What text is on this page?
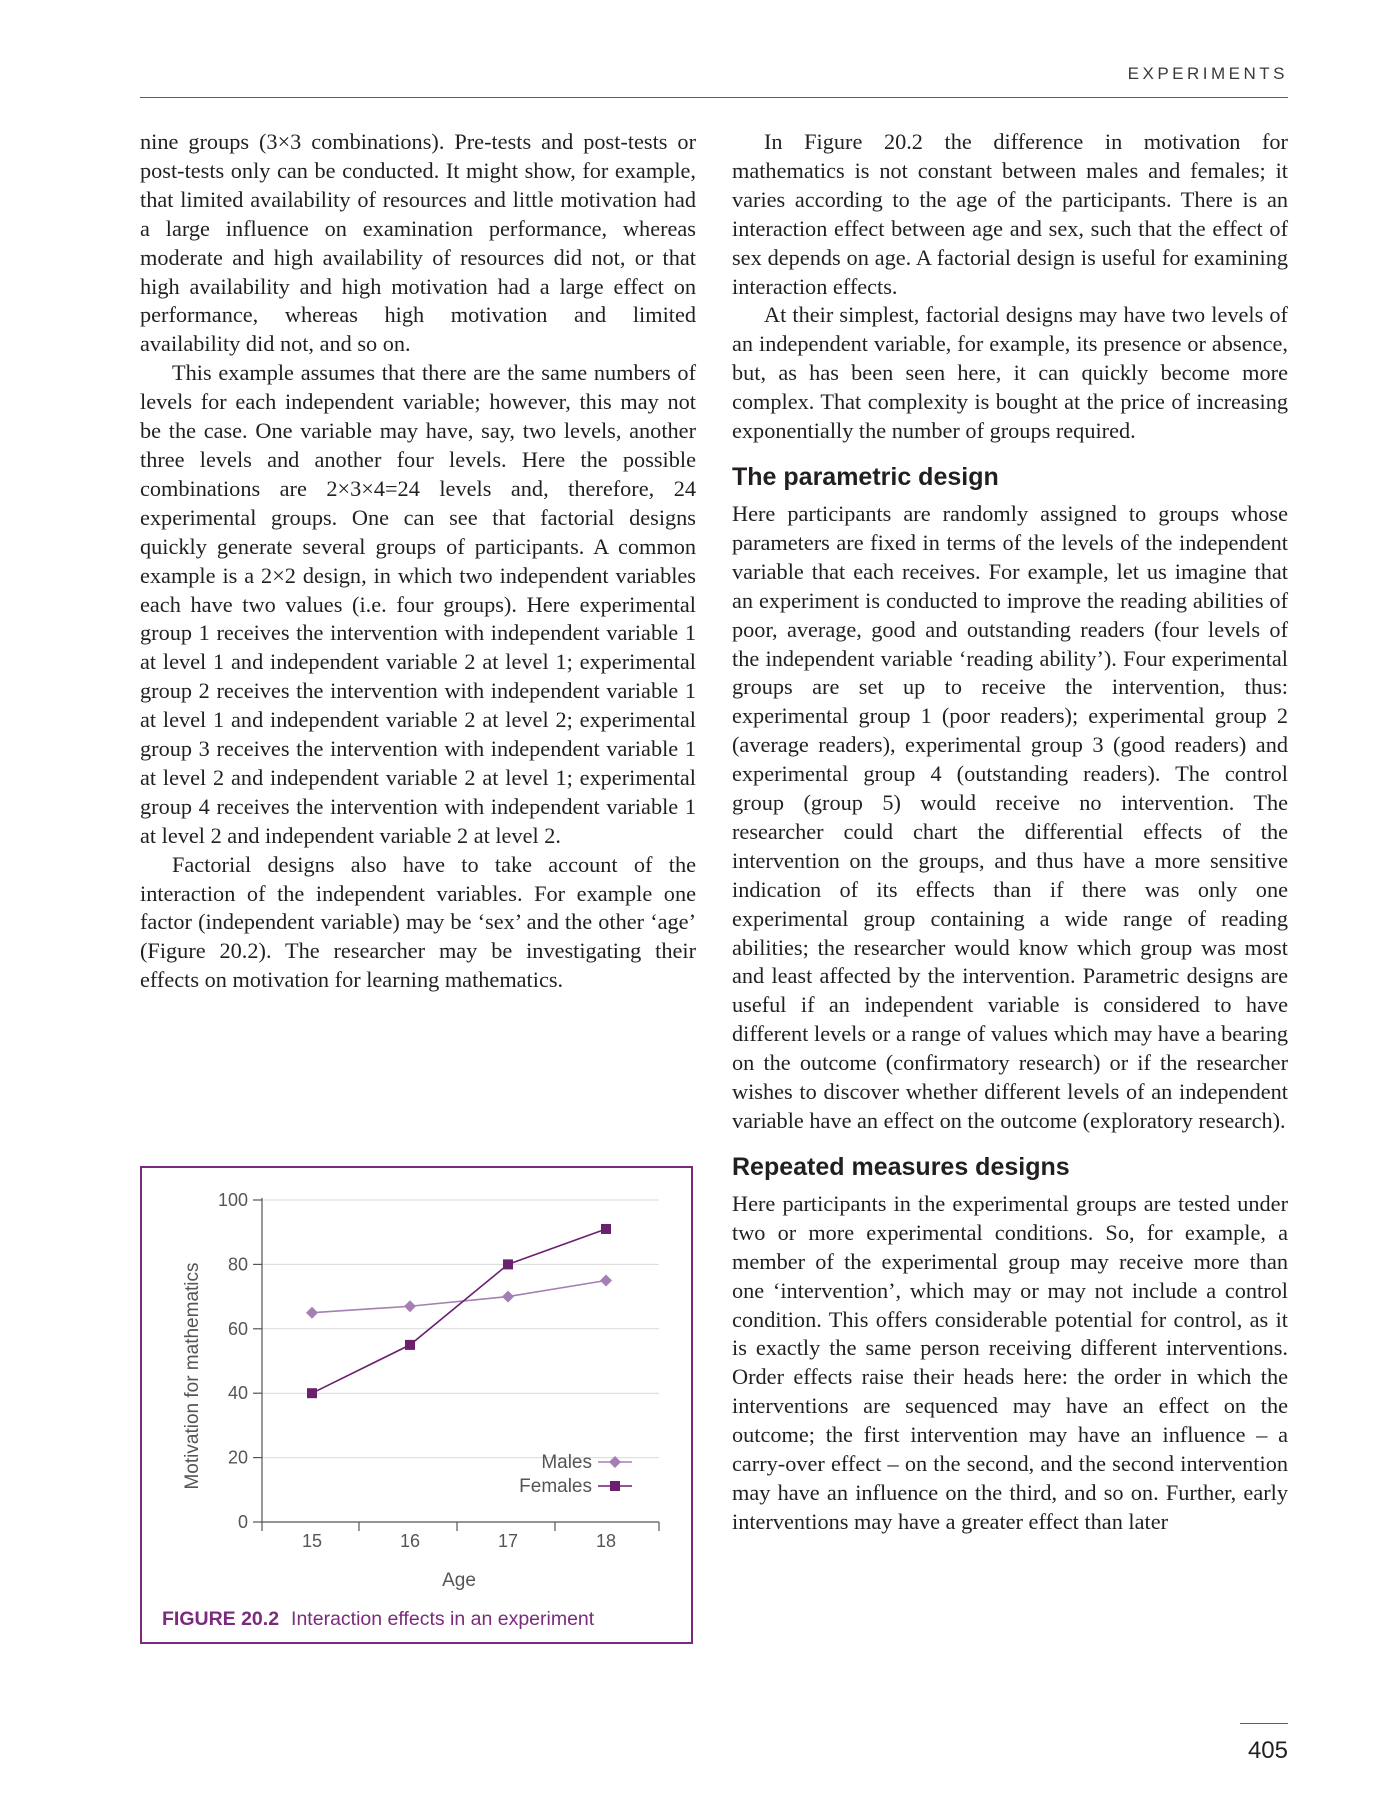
EXPERIMENTS

nine groups (3×3 combinations). Pre-tests and post-tests or post-tests only can be conducted. It might show, for example, that limited availability of resources and little motivation had a large influence on examination performance, whereas moderate and high availability of resources did not, or that high availability and high motivation had a large effect on performance, whereas high motivation and limited availability did not, and so on.

This example assumes that there are the same numbers of levels for each independent variable; however, this may not be the case. One variable may have, say, two levels, another three levels and another four levels. Here the possible combinations are 2×3×4=24 levels and, therefore, 24 experimental groups. One can see that factorial designs quickly generate several groups of participants. A common example is a 2×2 design, in which two independent variables each have two values (i.e. four groups). Here experimental group 1 receives the intervention with independent variable 1 at level 1 and independent variable 2 at level 1; experimental group 2 receives the intervention with independent variable 1 at level 1 and independent variable 2 at level 2; experimental group 3 receives the intervention with independent variable 1 at level 2 and independent variable 2 at level 1; experimental group 4 receives the intervention with independent variable 1 at level 2 and independent variable 2 at level 2.

Factorial designs also have to take account of the interaction of the independent variables. For example one factor (independent variable) may be ‘sex’ and the other ‘age’ (Figure 20.2). The researcher may be investigating their effects on motivation for learning mathematics.

0
20
40
60
80
100
15	16	17	18
Age
Motivation for mathematics	Males
Females
FIGURE 20.2 Interaction effects in an experiment

In Figure 20.2 the difference in motivation for mathematics is not constant between males and females; it varies according to the age of the participants. There is an interaction effect between age and sex, such that the effect of sex depends on age. A factorial design is useful for examining interaction effects.

At their simplest, factorial designs may have two levels of an independent variable, for example, its presence or absence, but, as has been seen here, it can quickly become more complex. That complexity is bought at the price of increasing exponentially the number of groups required.

The parametric design

Here participants are randomly assigned to groups whose parameters are fixed in terms of the levels of the independent variable that each receives. For example, let us imagine that an experiment is conducted to improve the reading abilities of poor, average, good and outstanding readers (four levels of the independent variable ‘reading ability’). Four experimental groups are set up to receive the intervention, thus: experimental group 1 (poor readers); experimental group 2 (average readers), experimental group 3 (good readers) and experimental group 4 (outstanding readers). The control group (group 5) would receive no intervention. The researcher could chart the differential effects of the intervention on the groups, and thus have a more sensitive indication of its effects than if there was only one experimental group containing a wide range of reading abilities; the researcher would know which group was most and least affected by the intervention. Parametric designs are useful if an independent variable is considered to have different levels or a range of values which may have a bearing on the outcome (confirmatory research) or if the researcher wishes to discover whether different levels of an independent variable have an effect on the outcome (exploratory research).

Repeated measures designs

Here participants in the experimental groups are tested under two or more experimental conditions. So, for example, a member of the experimental group may receive more than one ‘intervention’, which may or may not include a control condition. This offers considerable potential for control, as it is exactly the same person receiving different interventions. Order effects raise their heads here: the order in which the interventions are sequenced may have an effect on the outcome; the first intervention may have an influence – a carry-over effect – on the second, and the second intervention may have an influence on the third, and so on. Further, early interventions may have a greater effect than later

405
